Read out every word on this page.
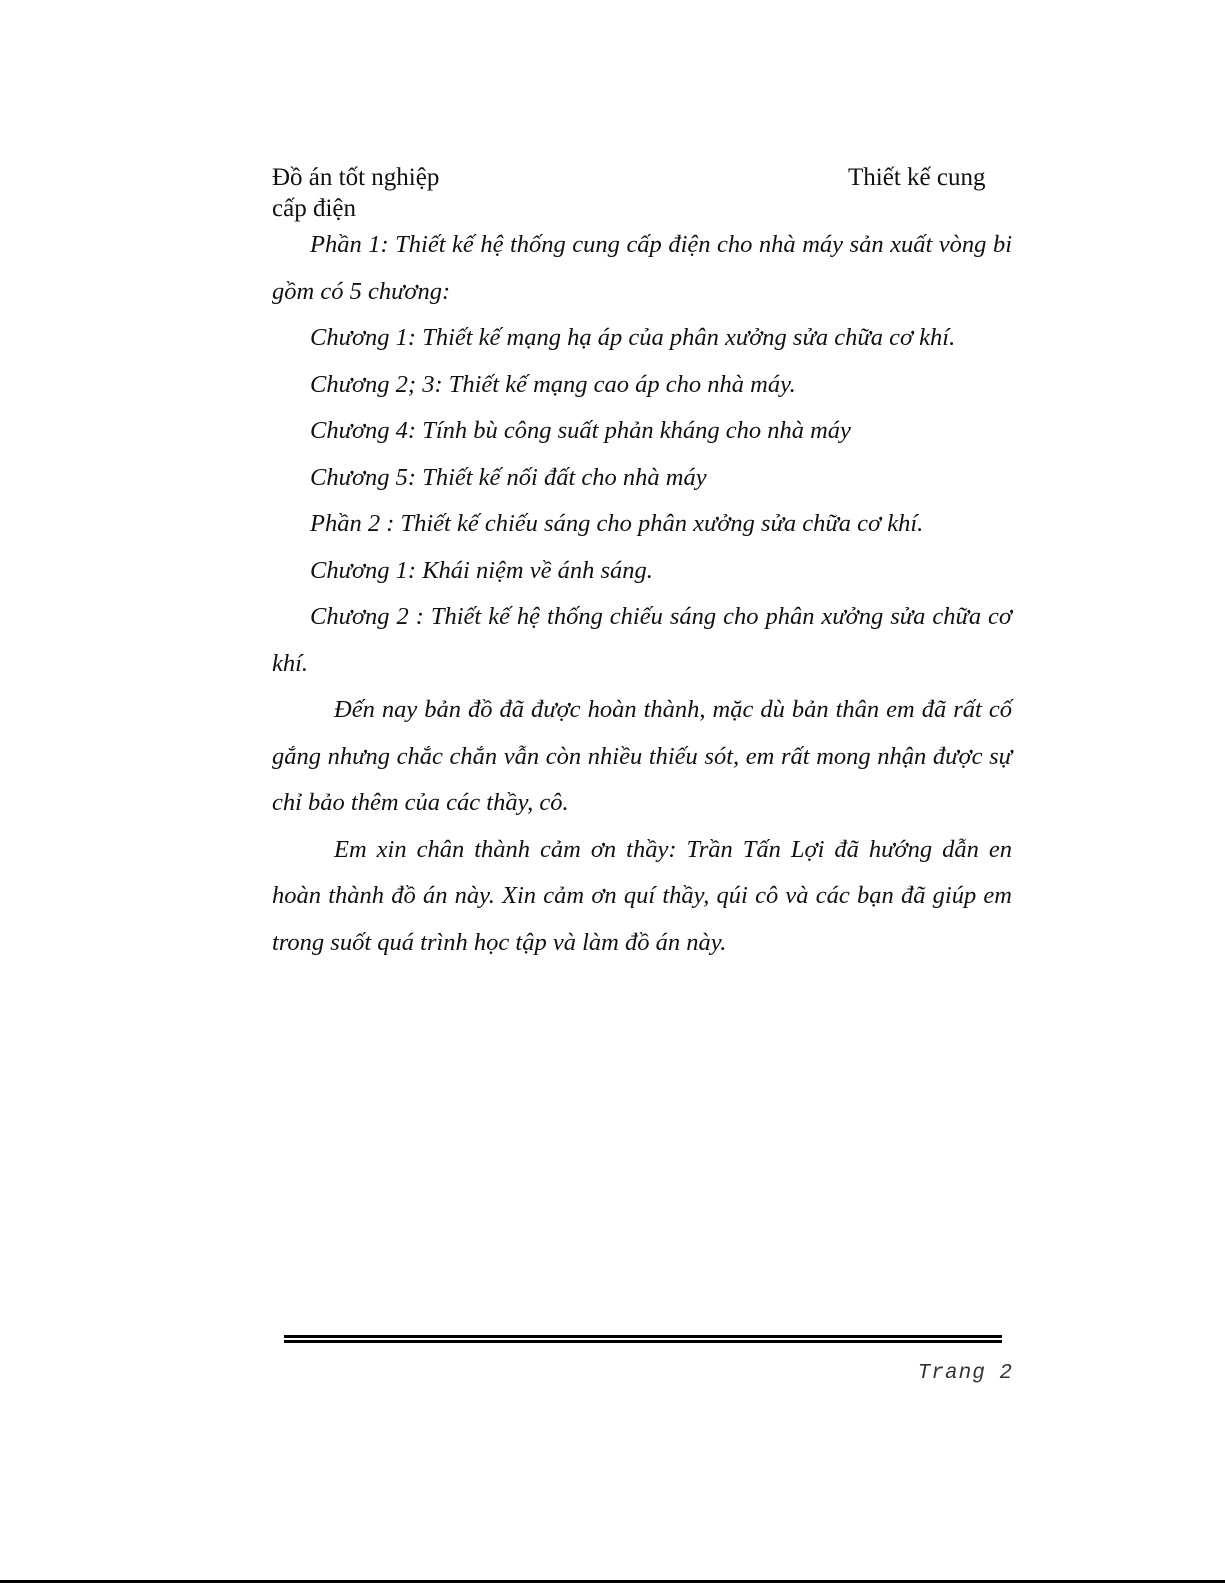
Đồ án tốt nghiệp
cấp điện
Thiết kế cung

Phần 1: Thiết kế hệ thống cung cấp điện cho nhà máy sản xuất vòng bi gồm có 5 chương:

Chương 1: Thiết kế mạng hạ áp của phân xưởng sửa chữa cơ khí.

Chương 2; 3: Thiết kế mạng cao áp cho nhà máy.

Chương 4: Tính bù công suất phản kháng cho nhà máy

Chương 5: Thiết kế nối đất cho nhà máy

Phần 2 : Thiết kế chiếu sáng cho phân xưởng sửa chữa cơ khí.

Chương 1: Khái niệm về ánh sáng.

Chương 2 : Thiết kế hệ thống chiếu sáng cho phân xưởng sửa chữa cơ khí.

Đến nay bản đồ đã được hoàn thành, mặc dù bản thân em đã rất cố gắng nhưng chắc chắn vẫn còn nhiều thiếu sót, em rất mong nhận được sự chỉ bảo thêm của các thầy, cô.

Em xin chân thành cảm ơn thầy: Trần Tấn Lợi đã hướng dẫn en hoàn thành đồ án này. Xin cảm ơn quí thầy, qúi cô và các bạn đã giúp em trong suốt quá trình học tập và làm đồ án này.

Trang 2
